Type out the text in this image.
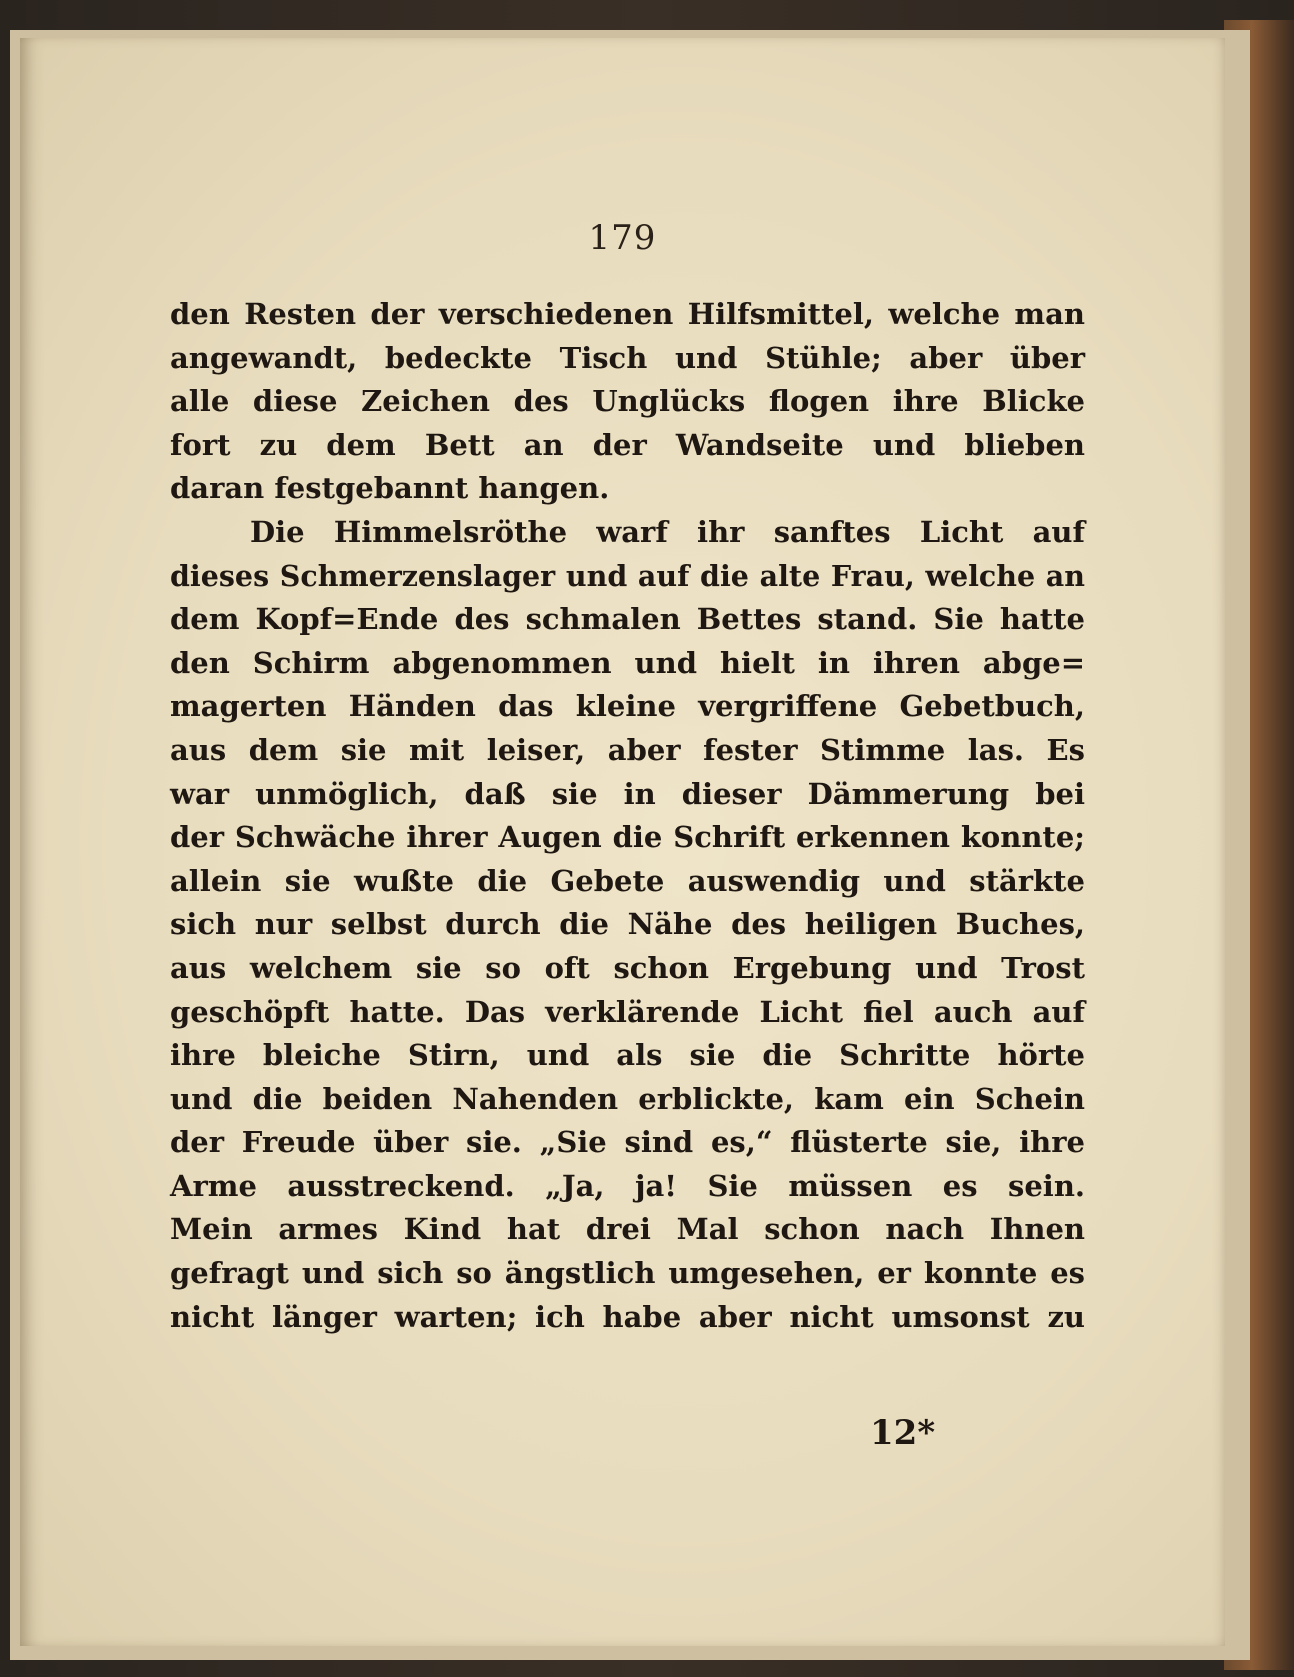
179
den Resten der verschiedenen Hilfsmittel, welche man
angewandt, bedeckte Tisch und Stühle; aber über
alle diese Zeichen des Unglücks flogen ihre Blicke
fort zu dem Bett an der Wandseite und blieben
daran festgebannt hangen.
Die Himmelsröthe warf ihr sanftes Licht auf
dieses Schmerzenslager und auf die alte Frau, welche an
dem Kopf=Ende des schmalen Bettes stand. Sie hatte
den Schirm abgenommen und hielt in ihren abge=
magerten Händen das kleine vergriffene Gebetbuch,
aus dem sie mit leiser, aber fester Stimme las. Es
war unmöglich, daß sie in dieser Dämmerung bei
der Schwäche ihrer Augen die Schrift erkennen konnte;
allein sie wußte die Gebete auswendig und stärkte
sich nur selbst durch die Nähe des heiligen Buches,
aus welchem sie so oft schon Ergebung und Trost
geschöpft hatte. Das verklärende Licht fiel auch auf
ihre bleiche Stirn, und als sie die Schritte hörte
und die beiden Nahenden erblickte, kam ein Schein
der Freude über sie. „Sie sind es,“ flüsterte sie, ihre
Arme ausstreckend. „Ja, ja! Sie müssen es sein.
Mein armes Kind hat drei Mal schon nach Ihnen
gefragt und sich so ängstlich umgesehen, er konnte es
nicht länger warten; ich habe aber nicht umsonst zu
12*
